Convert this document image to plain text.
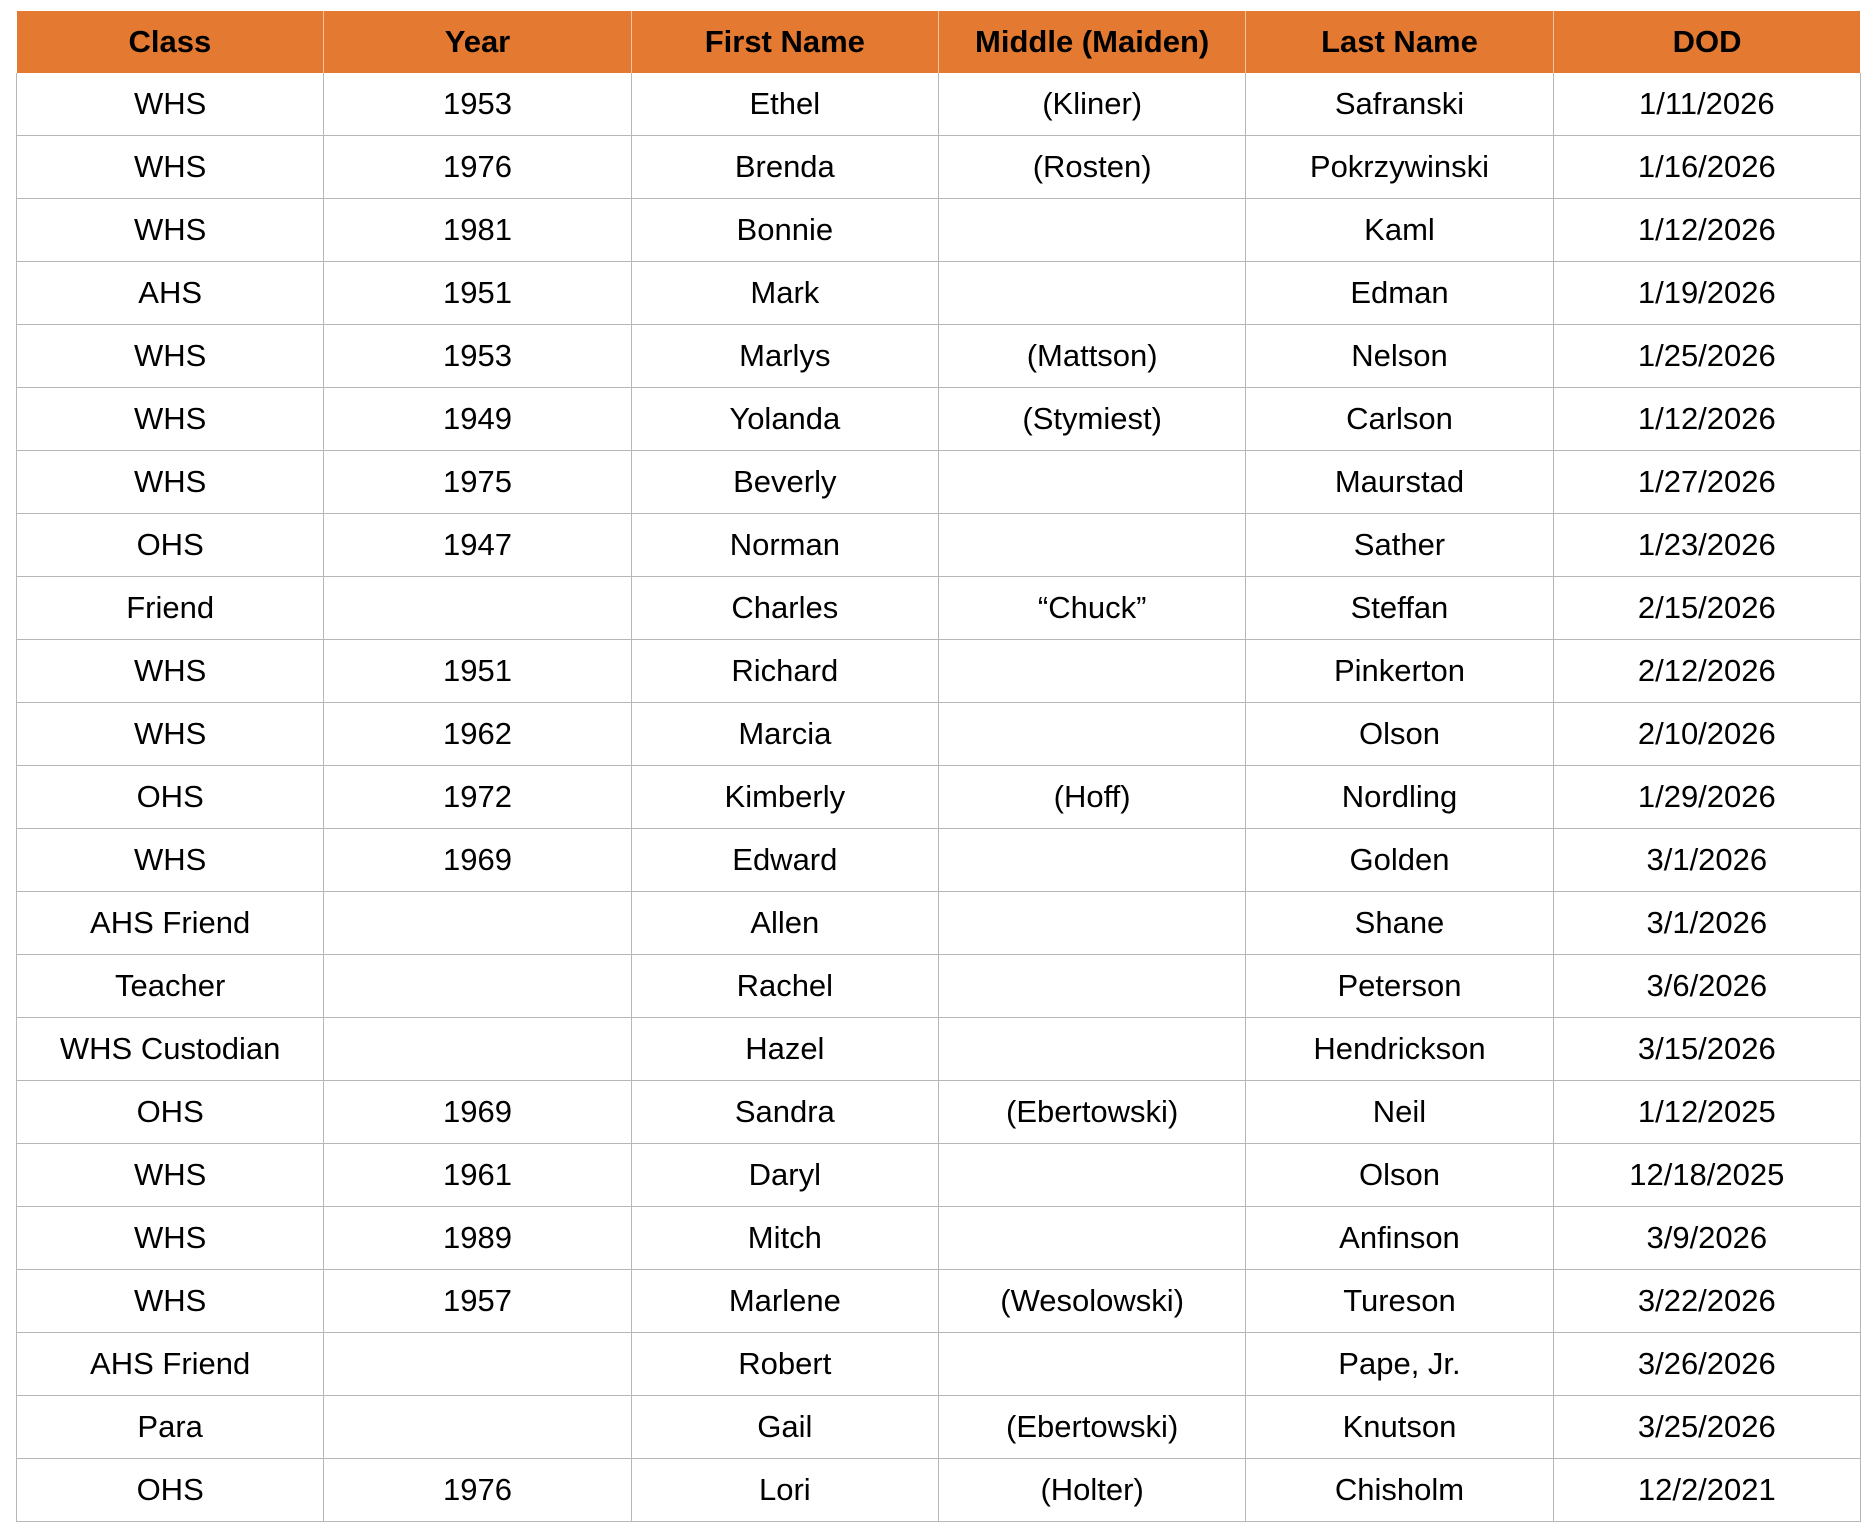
Class	Year	First Name	Middle (Maiden)	Last Name	DOD
WHS	1953	Ethel	(Kliner)	Safranski	1/11/2026
WHS	1976	Brenda	(Rosten)	Pokrzywinski	1/16/2026
WHS	1981	Bonnie		Kaml	1/12/2026
AHS	1951	Mark		Edman	1/19/2026
WHS	1953	Marlys	(Mattson)	Nelson	1/25/2026
WHS	1949	Yolanda	(Stymiest)	Carlson	1/12/2026
WHS	1975	Beverly		Maurstad	1/27/2026
OHS	1947	Norman		Sather	1/23/2026
Friend		Charles	“Chuck”	Steffan	2/15/2026
WHS	1951	Richard		Pinkerton	2/12/2026
WHS	1962	Marcia		Olson	2/10/2026
OHS	1972	Kimberly	(Hoff)	Nordling	1/29/2026
WHS	1969	Edward		Golden	3/1/2026
AHS Friend		Allen		Shane	3/1/2026
Teacher		Rachel		Peterson	3/6/2026
WHS Custodian		Hazel		Hendrickson	3/15/2026
OHS	1969	Sandra	(Ebertowski)	Neil	1/12/2025
WHS	1961	Daryl		Olson	12/18/2025
WHS	1989	Mitch		Anfinson	3/9/2026
WHS	1957	Marlene	(Wesolowski)	Tureson	3/22/2026
AHS Friend		Robert		Pape, Jr.	3/26/2026
Para		Gail	(Ebertowski)	Knutson	3/25/2026
OHS	1976	Lori	(Holter)	Chisholm	12/2/2021
